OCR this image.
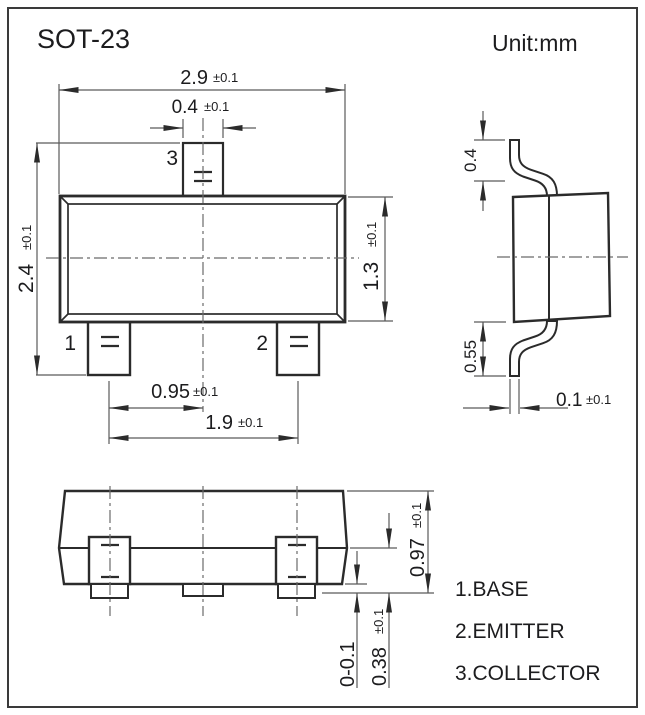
SOT-23	Unit:mm
3
1	2
2.9 ±0.1
0.4 ±0.1
2.4
±0.1
1.3
±0.1
0.95 ±0.1
1.9 ±0.1
0.4
0.55
0.1 ±0.1
0.97
±0.1
0.38
±0.1
0-0.1
1.BASE
2.EMITTER
3.COLLECTOR
